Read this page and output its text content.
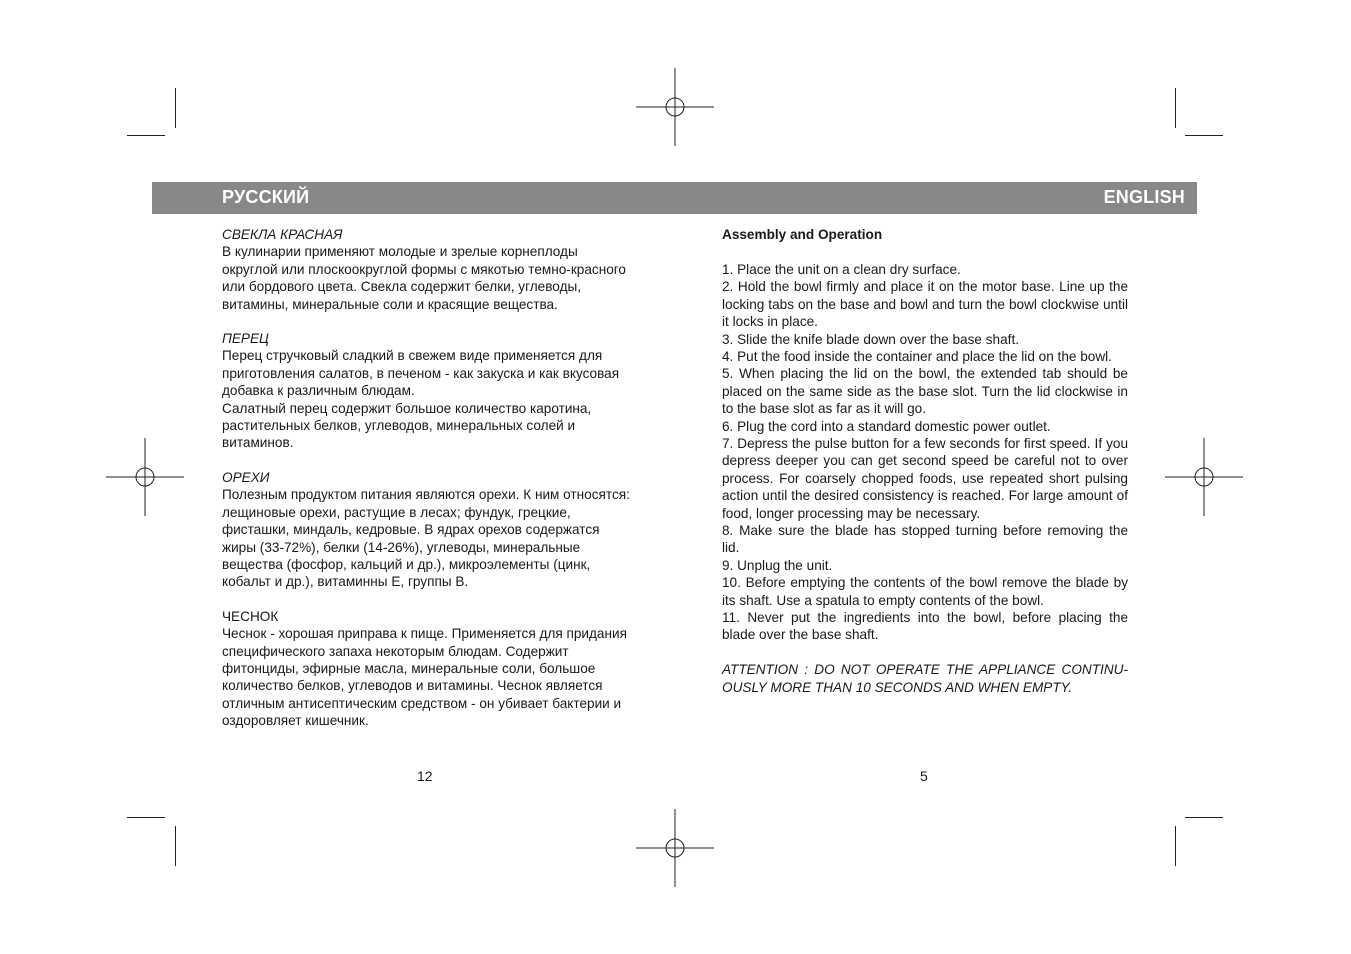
РУССКИЙ	ENGLISH
СВЕКЛА КРАСНАЯ

В кулинарии применяют молодые и зрелые корнеплоды округлой или плоскоокруглой формы с мякотью темно-красного или бордового цвета. Свекла содержит белки, углеводы, витамины, минеральные соли и красящие вещества.

ПЕРЕЦ

Перец стручковый сладкий в свежем виде применяется для приготовления салатов, в печеном - как закуска и как вкусовая добавка к различным блюдам.

Салатный перец содержит большое количество каротина, растительных белков, углеводов, минеральных солей и витаминов.

ОРЕХИ

Полезным продуктом питания являются орехи. К ним относятся: лещиновые орехи, растущие в лесах; фундук, грецкие, фисташки, миндаль, кедровые. В ядрах орехов содержатся жиры (33-72%), белки (14-26%), углеводы, минеральные вещества (фосфор, кальций и др.), микроэлементы (цинк, кобальт и др.), витаминны Е, группы В.

ЧЕСНОК

Чеснок - хорошая приправа к пище. Применяется для придания специфического запаха некоторым блюдам. Содержит фитонциды, эфирные масла, минеральные соли, большое количество белков, углеводов и витамины. Чеснок является отличным антисептическим средством - он убивает бактерии и оздоровляет кишечник.

Assembly and Operation
1. Place the unit on a clean dry surface.
2. Hold the bowl firmly and place it on the motor base. Line up the locking tabs on the base and bowl and turn the bowl clockwise until it locks in place.
3. Slide the knife blade down over the base shaft.
4. Put the food inside the container and place the lid on the bowl.
5. When placing the lid on the bowl, the extended tab should be placed on the same side as the base slot. Turn the lid clockwise in to the base slot as far as it will go.
6. Plug the cord into a standard domestic power outlet.
7. Depress the pulse button for a few seconds for first speed. If you depress deeper you can get second speed be careful not to over process. For coarsely chopped foods, use repeated short pulsing action until the desired consistency is reached. For large amount of food, longer processing may be necessary.
8. Make sure the blade has stopped turning before removing the lid.
9. Unplug the unit.
10. Before emptying the contents of the bowl remove the blade by its shaft. Use a spatula to empty contents of the bowl.
11. Never put the ingredients into the bowl, before placing the blade over the base shaft.

ATTENTION : DO NOT OPERATE THE APPLIANCE CONTINU-OUSLY MORE THAN 10 SECONDS AND WHEN EMPTY.

12	5
